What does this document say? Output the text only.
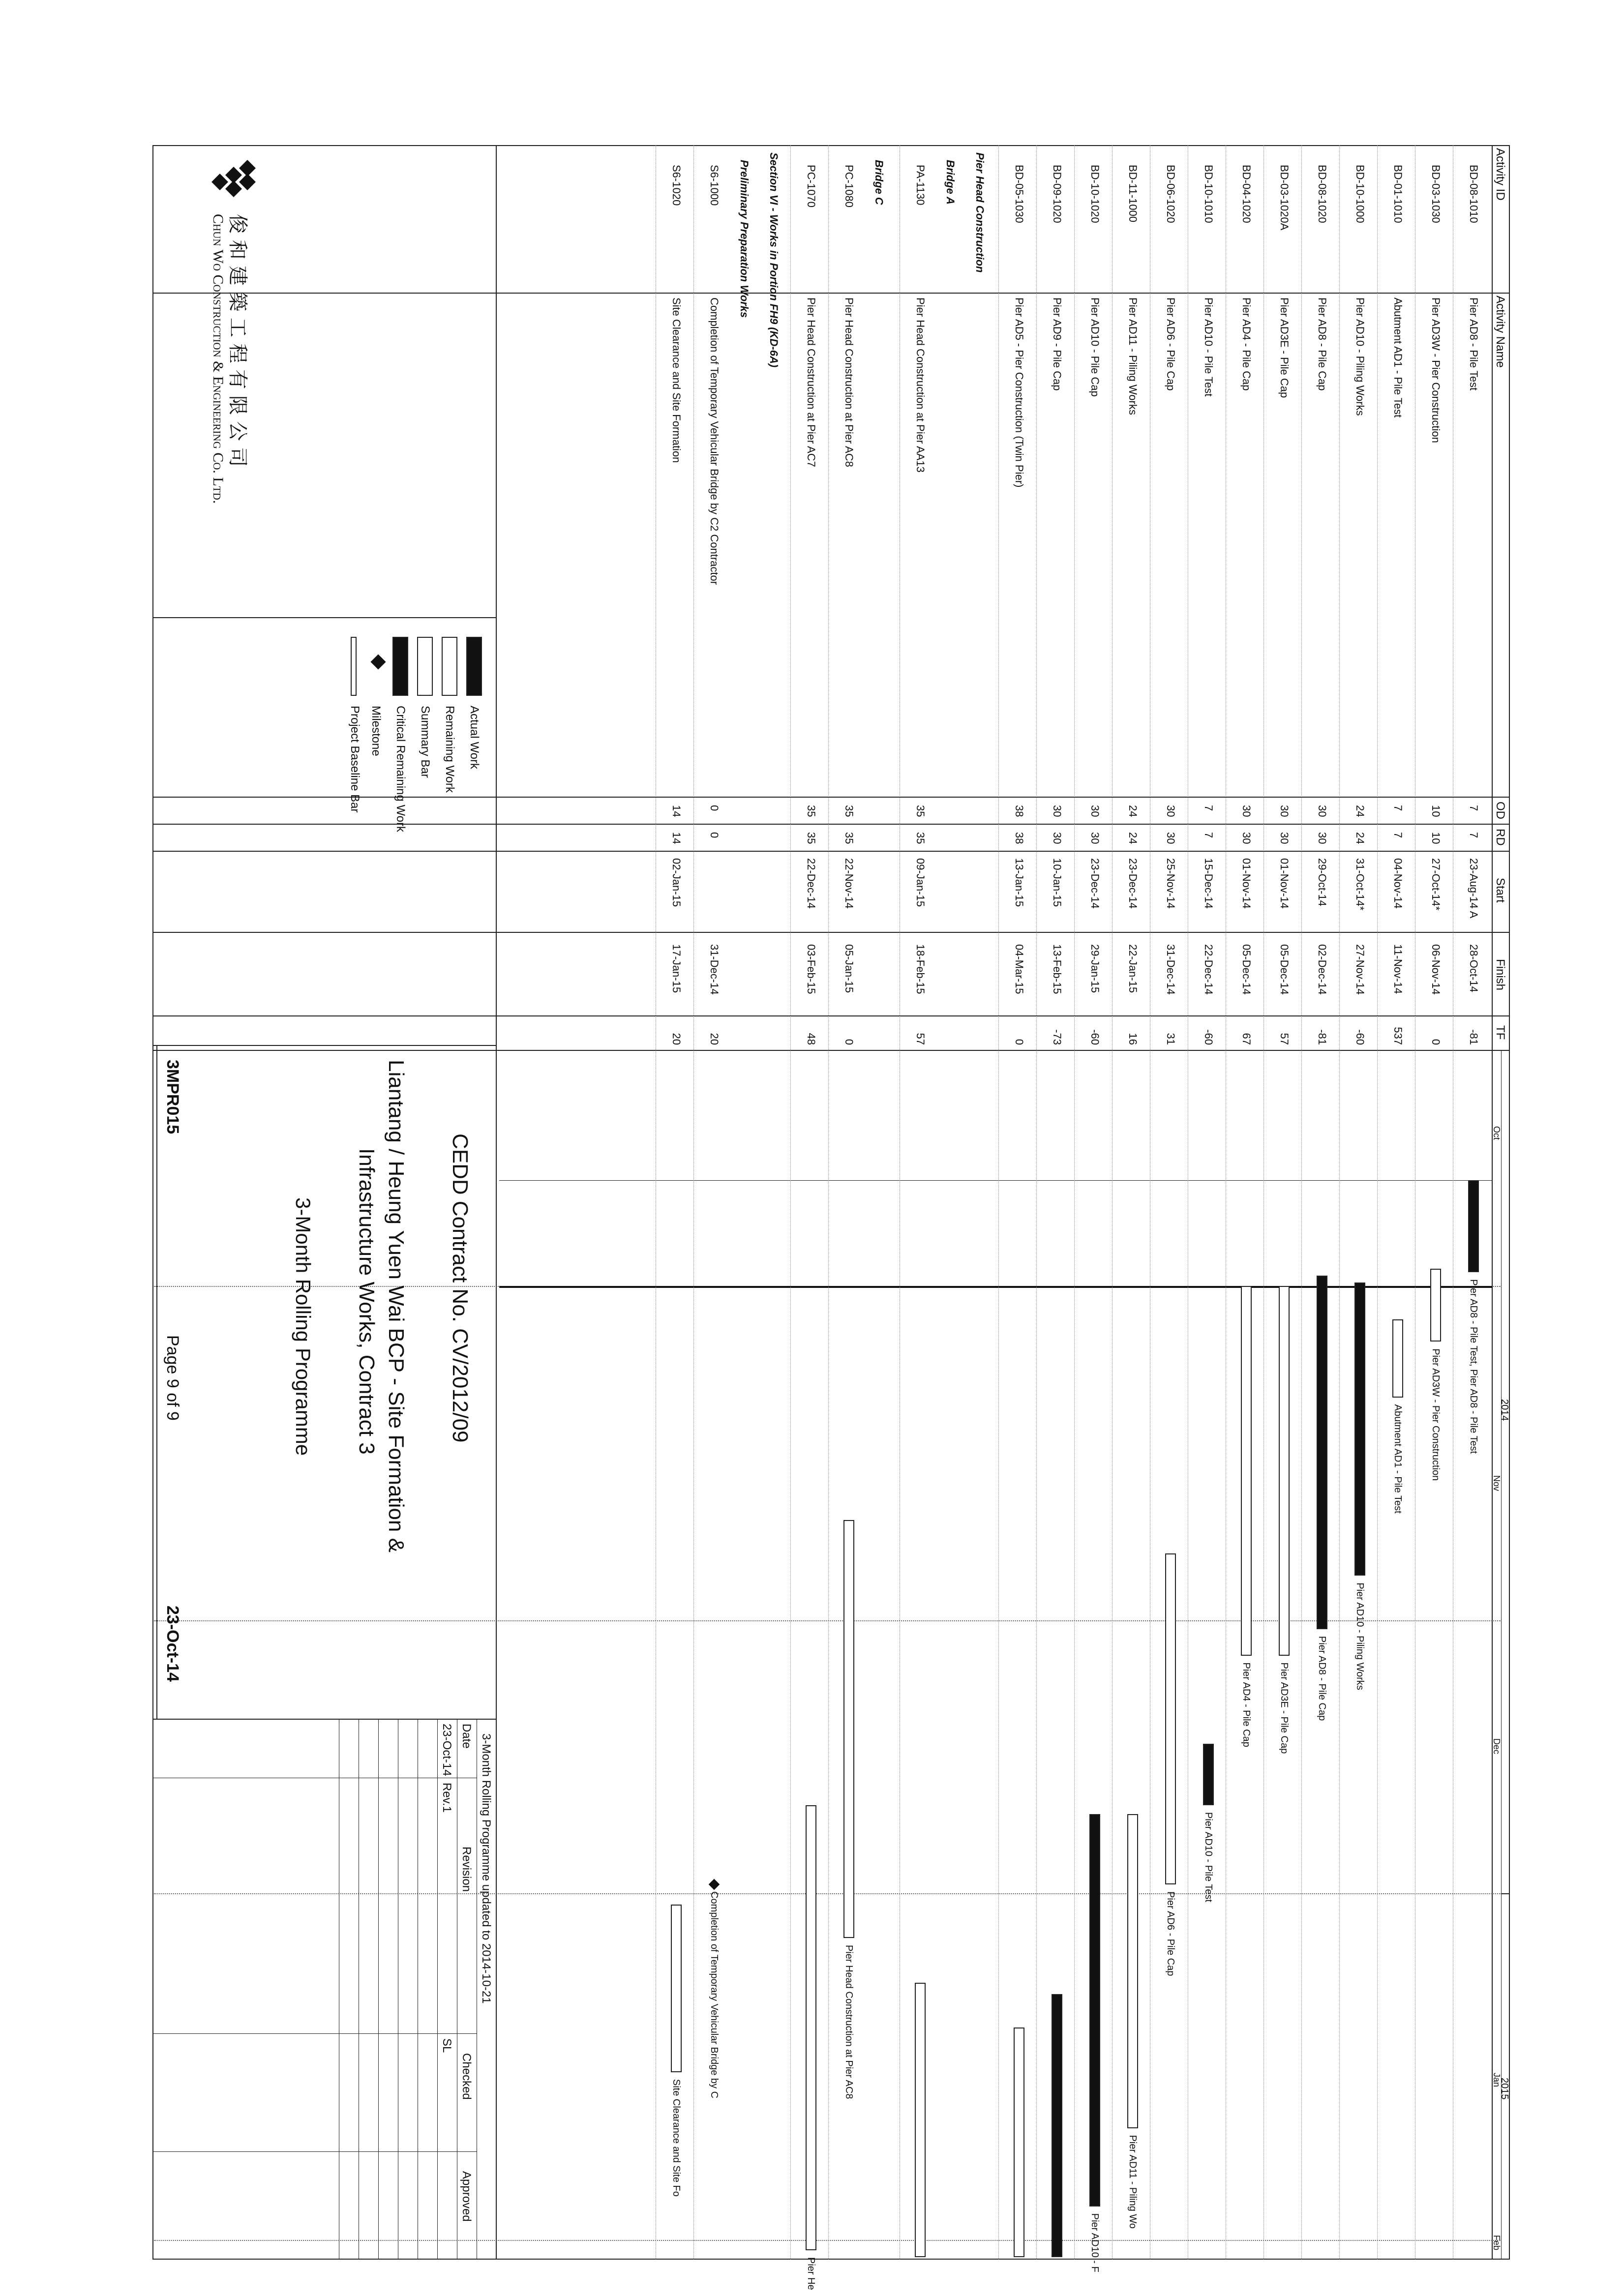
Activity ID
Activity Name
OD
RD
Start
Finish
TF
2014
2015
Oct
Nov
Dec
Jan
Feb
BD-08-1010
Pier AD8 - Pile Test
7
7
23-Aug-14 A
28-Oct-14
-81
Pier AD8 - Pile Test, Pier AD8 - Pile Test
BD-03-1030
Pier AD3W - Pier Construction
10
10
27-Oct-14*
06-Nov-14
0
Pier AD3W - Pier Construction
BD-01-1010
Abutment AD1 - Pile Test
7
7
04-Nov-14
11-Nov-14
537
Abutment AD1 - Pile Test
BD-10-1000
Pier AD10 - Piling Works
24
24
31-Oct-14*
27-Nov-14
-60
Pier AD10 - Piling Works
BD-08-1020
Pier AD8 - Pile Cap
30
30
29-Oct-14
02-Dec-14
-81
Pier AD8 - Pile Cap
BD-03-1020A
Pier AD3E - Pile Cap
30
30
01-Nov-14
05-Dec-14
57
Pier AD3E - Pile Cap
BD-04-1020
Pier AD4 - Pile Cap
30
30
01-Nov-14
05-Dec-14
67
Pier AD4 - Pile Cap
BD-10-1010
Pier AD10 - Pile Test
7
7
15-Dec-14
22-Dec-14
-60
Pier AD10 - Pile Test
BD-06-1020
Pier AD6 - Pile Cap
30
30
25-Nov-14
31-Dec-14
31
Pier AD6 - Pile Cap
BD-11-1000
Pier AD11 - Piling Works
24
24
23-Dec-14
22-Jan-15
16
Pier AD11 - Piling Wo
BD-10-1020
Pier AD10 - Pile Cap
30
30
23-Dec-14
29-Jan-15
-60
Pier AD10 - F
BD-09-1020
Pier AD9 - Pile Cap
30
30
10-Jan-15
13-Feb-15
-73
BD-05-1030
Pier AD5 - Pier Construction (Twin Pier)
38
38
13-Jan-15
04-Mar-15
0
Pier Head Construction
Bridge A
PA-1130
Pier Head Construction at Pier AA13
35
35
09-Jan-15
18-Feb-15
57
Bridge C
PC-1080
Pier Head Construction at Pier AC8
35
35
22-Nov-14
05-Jan-15
0
Pier Head Construction at Pier AC8
PC-1070
Pier Head Construction at Pier AC7
35
35
22-Dec-14
03-Feb-15
48
Pier He
Section VI - Works in Portion FH9 (KD-6A)
Preliminary Preparation Works
S6-1000
Completion of Temporary Vehicular Bridge by C2 Contractor
0
0
31-Dec-14
20
Completion of Temporary Vehicular Bridge by C
S6-1020
Site Clearance and Site Formation
14
14
02-Jan-15
17-Jan-15
20
Site Clearance and Site Fo
俊 和 建 築 工 程 有 限 公 司
Chun Wo Construction & Engineering Co. Ltd.
Actual Work
Remaining Work
Summary Bar
Critical Remaining Work
Milestone
Project Baseline Bar
CEDD Contract No. CV/2012/09
Liantang / Heung Yuen Wai BCP - Site Formation &
Infrastructure Works, Contract 3
3-Month Rolling Programme
3MPR015
Page 9 of 9
23-Oct-14
3-Month Rolling Programme updated to 2014-10-21
Date
Revision
Checked
Approved
23-Oct-14
Rev.1
SL
